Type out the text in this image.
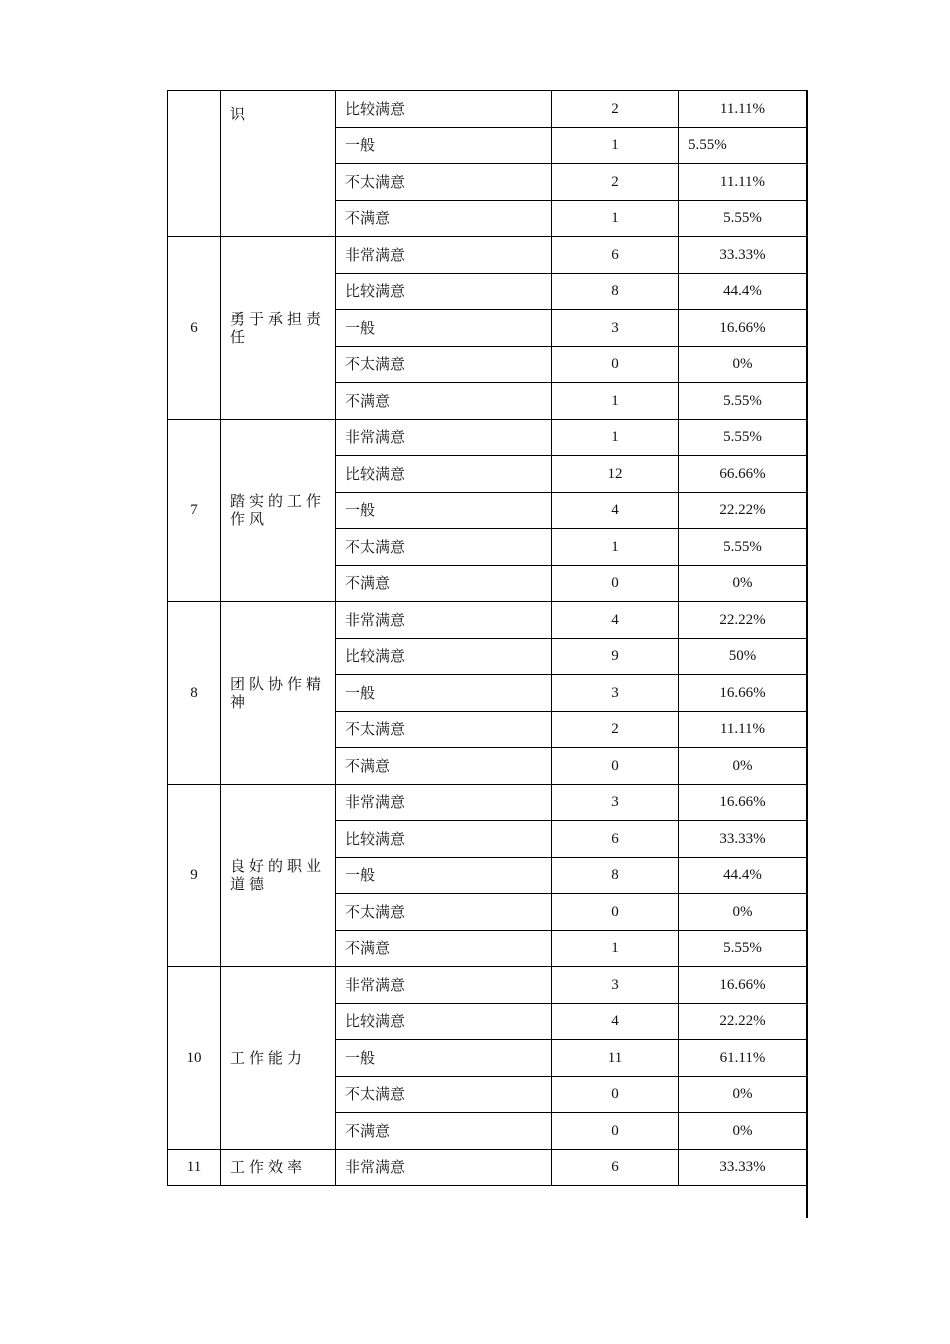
	识	比较满意	2	11.11%
		一般	1	5.55%
		不太满意	2	11.11%
		不满意	1	5.55%
6	勇于承担责任	非常满意	6	33.33%
		比较满意	8	44.4%
		一般	3	16.66%
		不太满意	0	0%
		不满意	1	5.55%
7	踏实的工作作风	非常满意	1	5.55%
		比较满意	12	66.66%
		一般	4	22.22%
		不太满意	1	5.55%
		不满意	0	0%
8	团队协作精神	非常满意	4	22.22%
		比较满意	9	50%
		一般	3	16.66%
		不太满意	2	11.11%
		不满意	0	0%
9	良好的职业道德	非常满意	3	16.66%
		比较满意	6	33.33%
		一般	8	44.4%
		不太满意	0	0%
		不满意	1	5.55%
10	工作能力	非常满意	3	16.66%
		比较满意	4	22.22%
		一般	11	61.11%
		不太满意	0	0%
		不满意	0	0%
11	工作效率	非常满意	6	33.33%
